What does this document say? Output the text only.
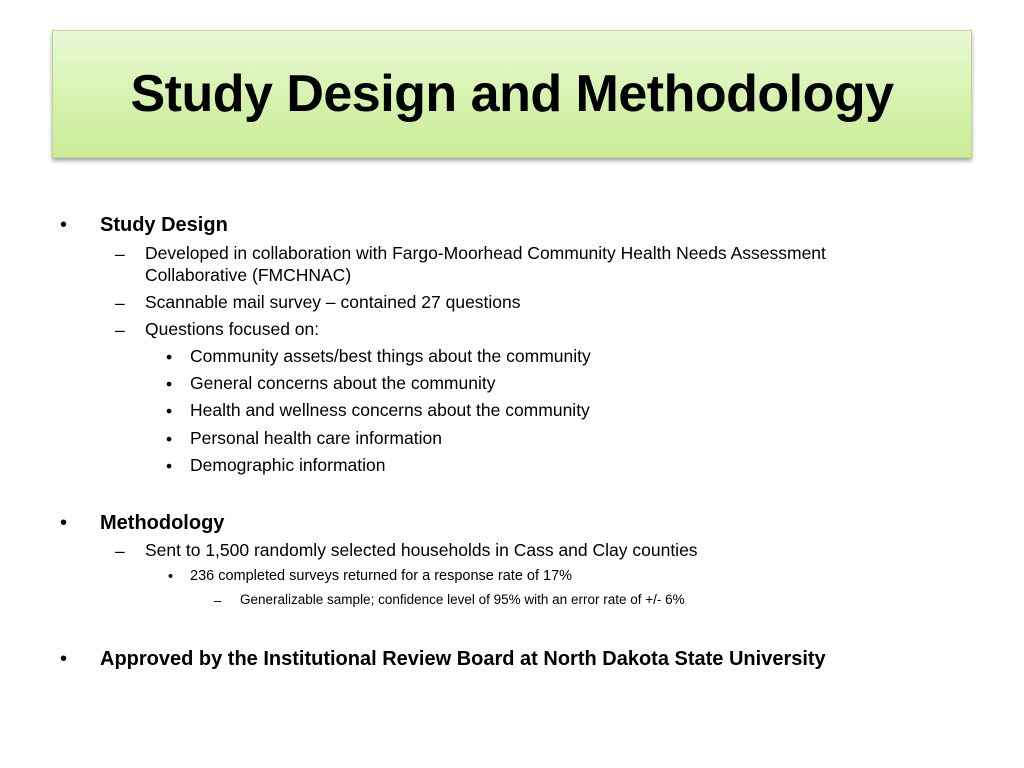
Study Design and Methodology
• Study Design
– Developed in collaboration with Fargo-Moorhead Community Health Needs Assessment
Collaborative (FMCHNAC)
– Scannable mail survey – contained 27 questions
– Questions focused on:
• Community assets/best things about the community
• General concerns about the community
• Health and wellness concerns about the community
• Personal health care information
• Demographic information
• Methodology
– Sent to 1,500 randomly selected households in Cass and Clay counties
• 236 completed surveys returned for a response rate of 17%
– Generalizable sample; confidence level of 95% with an error rate of +/- 6%
• Approved by the Institutional Review Board at North Dakota State University
